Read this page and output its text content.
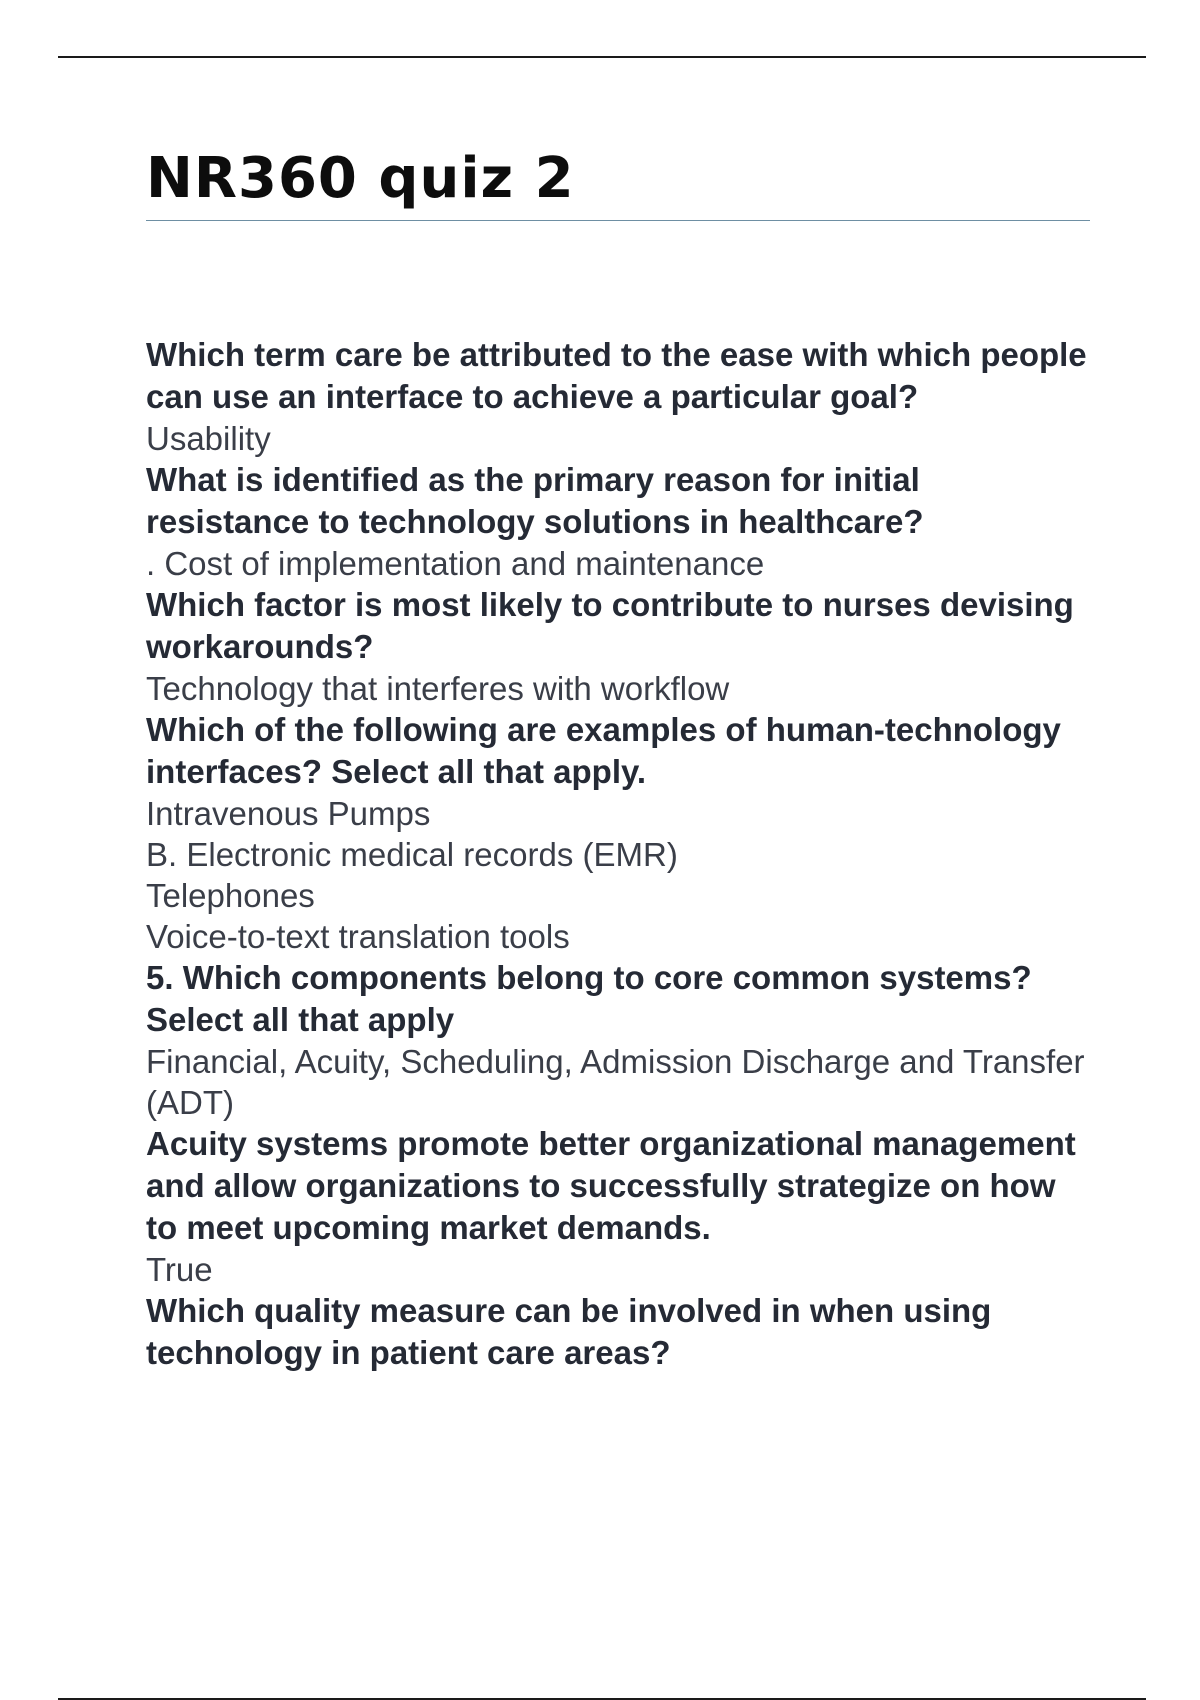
NR360 quiz 2

Which term care be attributed to the ease with which people can use an interface to achieve a particular goal?

Usability

What is identified as the primary reason for initial resistance to technology solutions in healthcare?

. Cost of implementation and maintenance

Which factor is most likely to contribute to nurses devising workarounds?

Technology that interferes with workflow

Which of the following are examples of human-technology interfaces? Select all that apply.

Intravenous Pumps

B. Electronic medical records (EMR)

Telephones

Voice-to-text translation tools

5. Which components belong to core common systems? Select all that apply

Financial, Acuity, Scheduling, Admission Discharge and Transfer (ADT)

Acuity systems promote better organizational management and allow organizations to successfully strategize on how to meet upcoming market demands.

True

Which quality measure can be involved in when using technology in patient care areas?
